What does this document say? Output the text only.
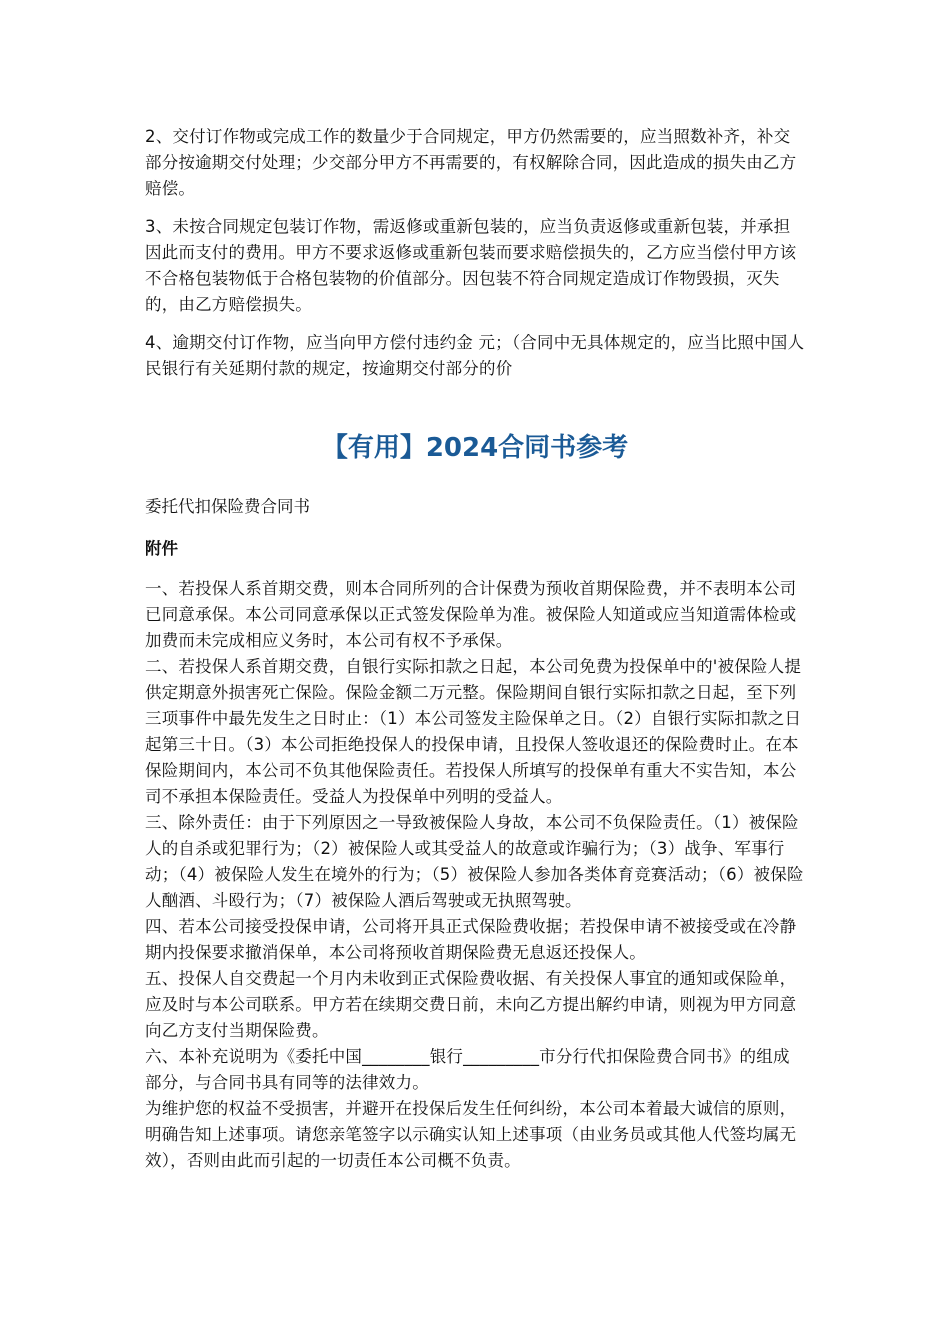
2、交付订作物或完成工作的数量少于合同规定，甲方仍然需要的，应当照数补齐，补交部分按逾期交付处理；少交部分甲方不再需要的，有权解除合同，因此造成的损失由乙方赔偿。

3、未按合同规定包装订作物，需返修或重新包装的，应当负责返修或重新包装，并承担因此而支付的费用。甲方不要求返修或重新包装而要求赔偿损失的，乙方应当偿付甲方该不合格包装物低于合格包装物的价值部分。因包装不符合同规定造成订作物毁损，灭失的，由乙方赔偿损失。

4、逾期交付订作物，应当向甲方偿付违约金 元；（合同中无具体规定的，应当比照中国人民银行有关延期付款的规定，按逾期交付部分的价

【有用】2024合同书参考

委托代扣保险费合同书

附件

一、若投保人系首期交费，则本合同所列的合计保费为预收首期保险费，并不表明本公司已同意承保。本公司同意承保以正式签发保险单为准。被保险人知道或应当知道需体检或加费而未完成相应义务时，本公司有权不予承保。

二、若投保人系首期交费，自银行实际扣款之日起，本公司免费为投保单中的'被保险人提供定期意外损害死亡保险。保险金额二万元整。保险期间自银行实际扣款之日起，至下列三项事件中最先发生之日时止：（1）本公司签发主险保单之日。（2）自银行实际扣款之日起第三十日。（3）本公司拒绝投保人的投保申请，且投保人签收退还的保险费时止。在本保险期间内，本公司不负其他保险责任。若投保人所填写的投保单有重大不实告知，本公司不承担本保险责任。受益人为投保单中列明的受益人。

三、除外责任：由于下列原因之一导致被保险人身故，本公司不负保险责任。（1）被保险人的自杀或犯罪行为；（2）被保险人或其受益人的故意或诈骗行为；（3）战争、军事行动；（4）被保险人发生在境外的行为；（5）被保险人参加各类体育竞赛活动；（6）被保险人酗酒、斗殴行为；（7）被保险人酒后驾驶或无执照驾驶。

四、若本公司接受投保申请，公司将开具正式保险费收据；若投保申请不被接受或在冷静期内投保要求撤消保单，本公司将预收首期保险费无息返还投保人。

五、投保人自交费起一个月内未收到正式保险费收据、有关投保人事宜的通知或保险单，应及时与本公司联系。甲方若在续期交费日前，未向乙方提出解约申请，则视为甲方同意向乙方支付当期保险费。

六、本补充说明为《委托中国________银行_________市分行代扣保险费合同书》的组成部分，与合同书具有同等的法律效力。

为维护您的权益不受损害，并避开在投保后发生任何纠纷，本公司本着最大诚信的原则，明确告知上述事项。请您亲笔签字以示确实认知上述事项（由业务员或其他人代签均属无效），否则由此而引起的一切责任本公司概不负责。
